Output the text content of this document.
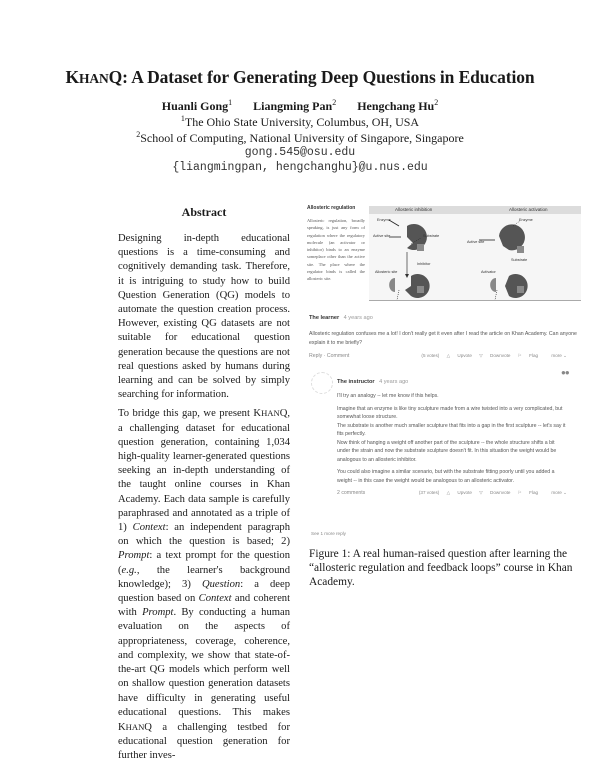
KHANQ: A Dataset for Generating Deep Questions in Education
Huanli Gong$^1$ Liangming Pan$^2$ Hengchang Hu$^2$
$^1$The Ohio State University, Columbus, OH, USA
$^2$School of Computing, National University of Singapore, Singapore
gong.545@osu.edu
{liangmingpan, hengchanghu}@u.nus.edu
Abstract

Designing in-depth educational questions is a time-consuming and cognitively demanding task. Therefore, it is intriguing to study how to build Question Generation (QG) models to automate the question creation process. However, existing QG datasets are not suitable for educational question generation because the questions are not real questions asked by humans during learning and can be solved by simply searching for information.

To bridge this gap, we present KHANQ, a challenging dataset for educational question generation, containing 1,034 high-quality learner-generated questions seeking an in-depth understanding of the taught online courses in Khan Academy. Each data sample is carefully paraphrased and annotated as a triple of 1) Context: an independent paragraph on which the question is based; 2) Prompt: a text prompt for the question (e.g., the learner's background knowledge); 3) Question: a deep question based on Context and coherent with Prompt. By conducting a human evaluation on the aspects of appropriateness, coverage, coherence, and complexity, we show that state-of-the-art QG models which perform well on shallow question generation datasets have difficulty in generating useful educational questions. This makes KHANQ a challenging testbed for educational question generation for further inves-

Allosteric regulation
Allosteric regulation, broadly speaking, is just any form of regulation where the regulatory molecule (an activator or inhibitor) binds to an enzyme someplace other than the active site. The place where the regulator binds is called the allosteric site.
Allosteric inhibition	Allosteric activation
Enzyme
Active site	Substrate
Inhibitor
Allosteric site
Enzyme
Active site
Substrate
Activator
The learner 4 years ago
Allosteric regulation confuses me a lot! I don't really get it even after I read the article on Khan Academy. Can anyone explain it to me briefly?
Reply · Comment	(5 votes) △ Upvote ▽ Downvote ⚐ Flag	more ⌄
●●
The instructor 4 years ago
I'll try an analogy -- let me know if this helps.
Imagine that an enzyme is like tiny sculpture made from a wire twisted into a very complicated, but somewhat loose structure.
The substrate is another much smaller sculpture that fits into a gap in the first sculpture -- let's say it fits perfectly.
Now think of hanging a weight off another part of the sculpture -- the whole structure shifts a bit under the strain and now the substrate sculpture doesn't fit. In this situation the weight would be analogous to an allosteric inhibitor.
You could also imagine a similar scenario, but with the substrate fitting poorly until you added a weight -- in this case the weight would be analogous to an allosteric activator.
2 comments	(37 votes) △ Upvote ▽ Downvote ⚐ Flag	more ⌄
See 1 more reply
Figure 1: A real human-raised question after learning the “allosteric regulation and feedback loops” course in Khan Academy.
